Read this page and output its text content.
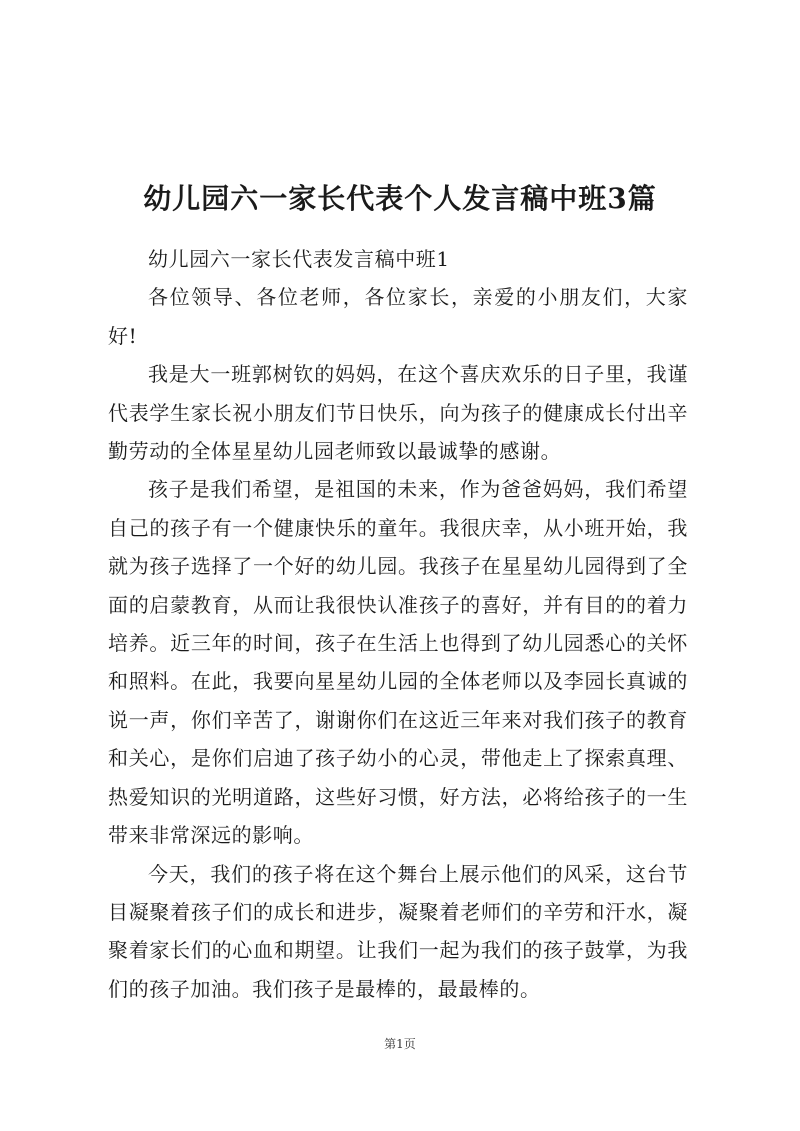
幼儿园六一家长代表个人发言稿中班3篇

幼儿园六一家长代表发言稿中班1

各位领导、各位老师，各位家长，亲爱的小朋友们，大家好!

我是大一班郭树钦的妈妈，在这个喜庆欢乐的日子里，我谨代表学生家长祝小朋友们节日快乐，向为孩子的健康成长付出辛勤劳动的全体星星幼儿园老师致以最诚挚的感谢。

孩子是我们希望，是祖国的未来，作为爸爸妈妈，我们希望自己的孩子有一个健康快乐的童年。我很庆幸，从小班开始，我就为孩子选择了一个好的幼儿园。我孩子在星星幼儿园得到了全面的启蒙教育，从而让我很快认准孩子的喜好，并有目的的着力培养。近三年的时间，孩子在生活上也得到了幼儿园悉心的关怀和照料。在此，我要向星星幼儿园的全体老师以及李园长真诚的说一声，你们辛苦了，谢谢你们在这近三年来对我们孩子的教育和关心，是你们启迪了孩子幼小的心灵，带他走上了探索真理、热爱知识的光明道路，这些好习惯，好方法，必将给孩子的一生带来非常深远的影响。

今天，我们的孩子将在这个舞台上展示他们的风采，这台节目凝聚着孩子们的成长和进步，凝聚着老师们的辛劳和汗水，凝聚着家长们的心血和期望。让我们一起为我们的孩子鼓掌，为我们的孩子加油。我们孩子是最棒的，最最棒的。

第1页
